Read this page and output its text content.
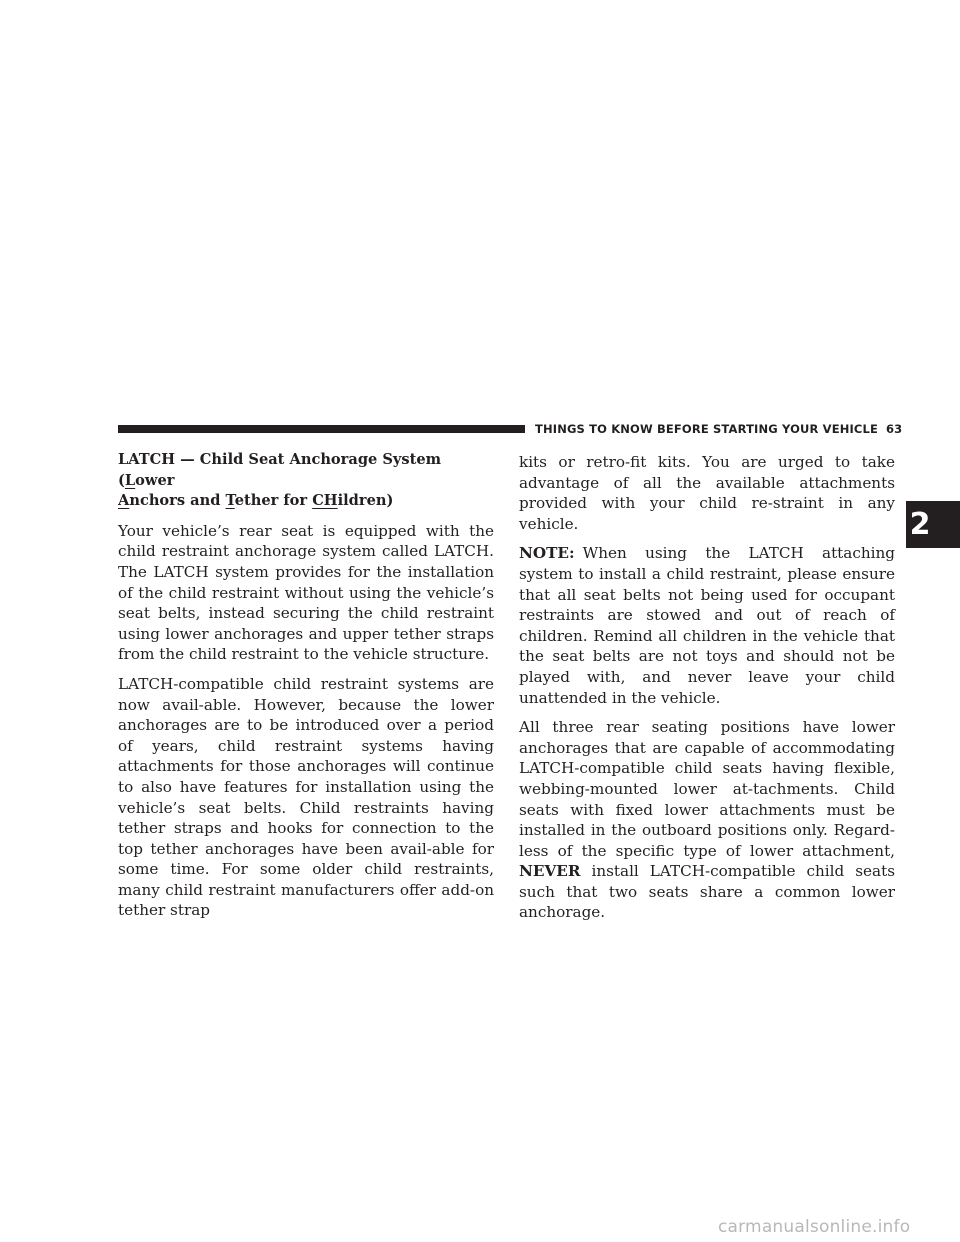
THINGS TO KNOW BEFORE STARTING YOUR VEHICLE 63
2

LATCH — Child Seat Anchorage System (Lower
Anchors and Tether for CHildren)

Your vehicle’s rear seat is equipped with the child restraint anchorage system called LATCH. The LATCH system provides for the installation of the child restraint without using the vehicle’s seat belts, instead securing the child restraint using lower anchorages and upper tether straps from the child restraint to the vehicle structure.

LATCH-compatible child restraint systems are now avail-able. However, because the lower anchorages are to be introduced over a period of years, child restraint systems having attachments for those anchorages will continue to also have features for installation using the vehicle’s seat belts. Child restraints having tether straps and hooks for connection to the top tether anchorages have been avail-able for some time. For some older child restraints, many child restraint manufacturers offer add-on tether strap

kits or retro-fit kits. You are urged to take advantage of all the available attachments provided with your child re-straint in any vehicle.

NOTE: When using the LATCH attaching system to install a child restraint, please ensure that all seat belts not being used for occupant restraints are stowed and out of reach of children. Remind all children in the vehicle that the seat belts are not toys and should not be played with, and never leave your child unattended in the vehicle.

All three rear seating positions have lower anchorages that are capable of accommodating LATCH-compatible child seats having flexible, webbing-mounted lower at-tachments. Child seats with fixed lower attachments must be installed in the outboard positions only. Regard-less of the specific type of lower attachment, NEVER install LATCH-compatible child seats such that two seats share a common lower anchorage.

carmanualsonline.info
